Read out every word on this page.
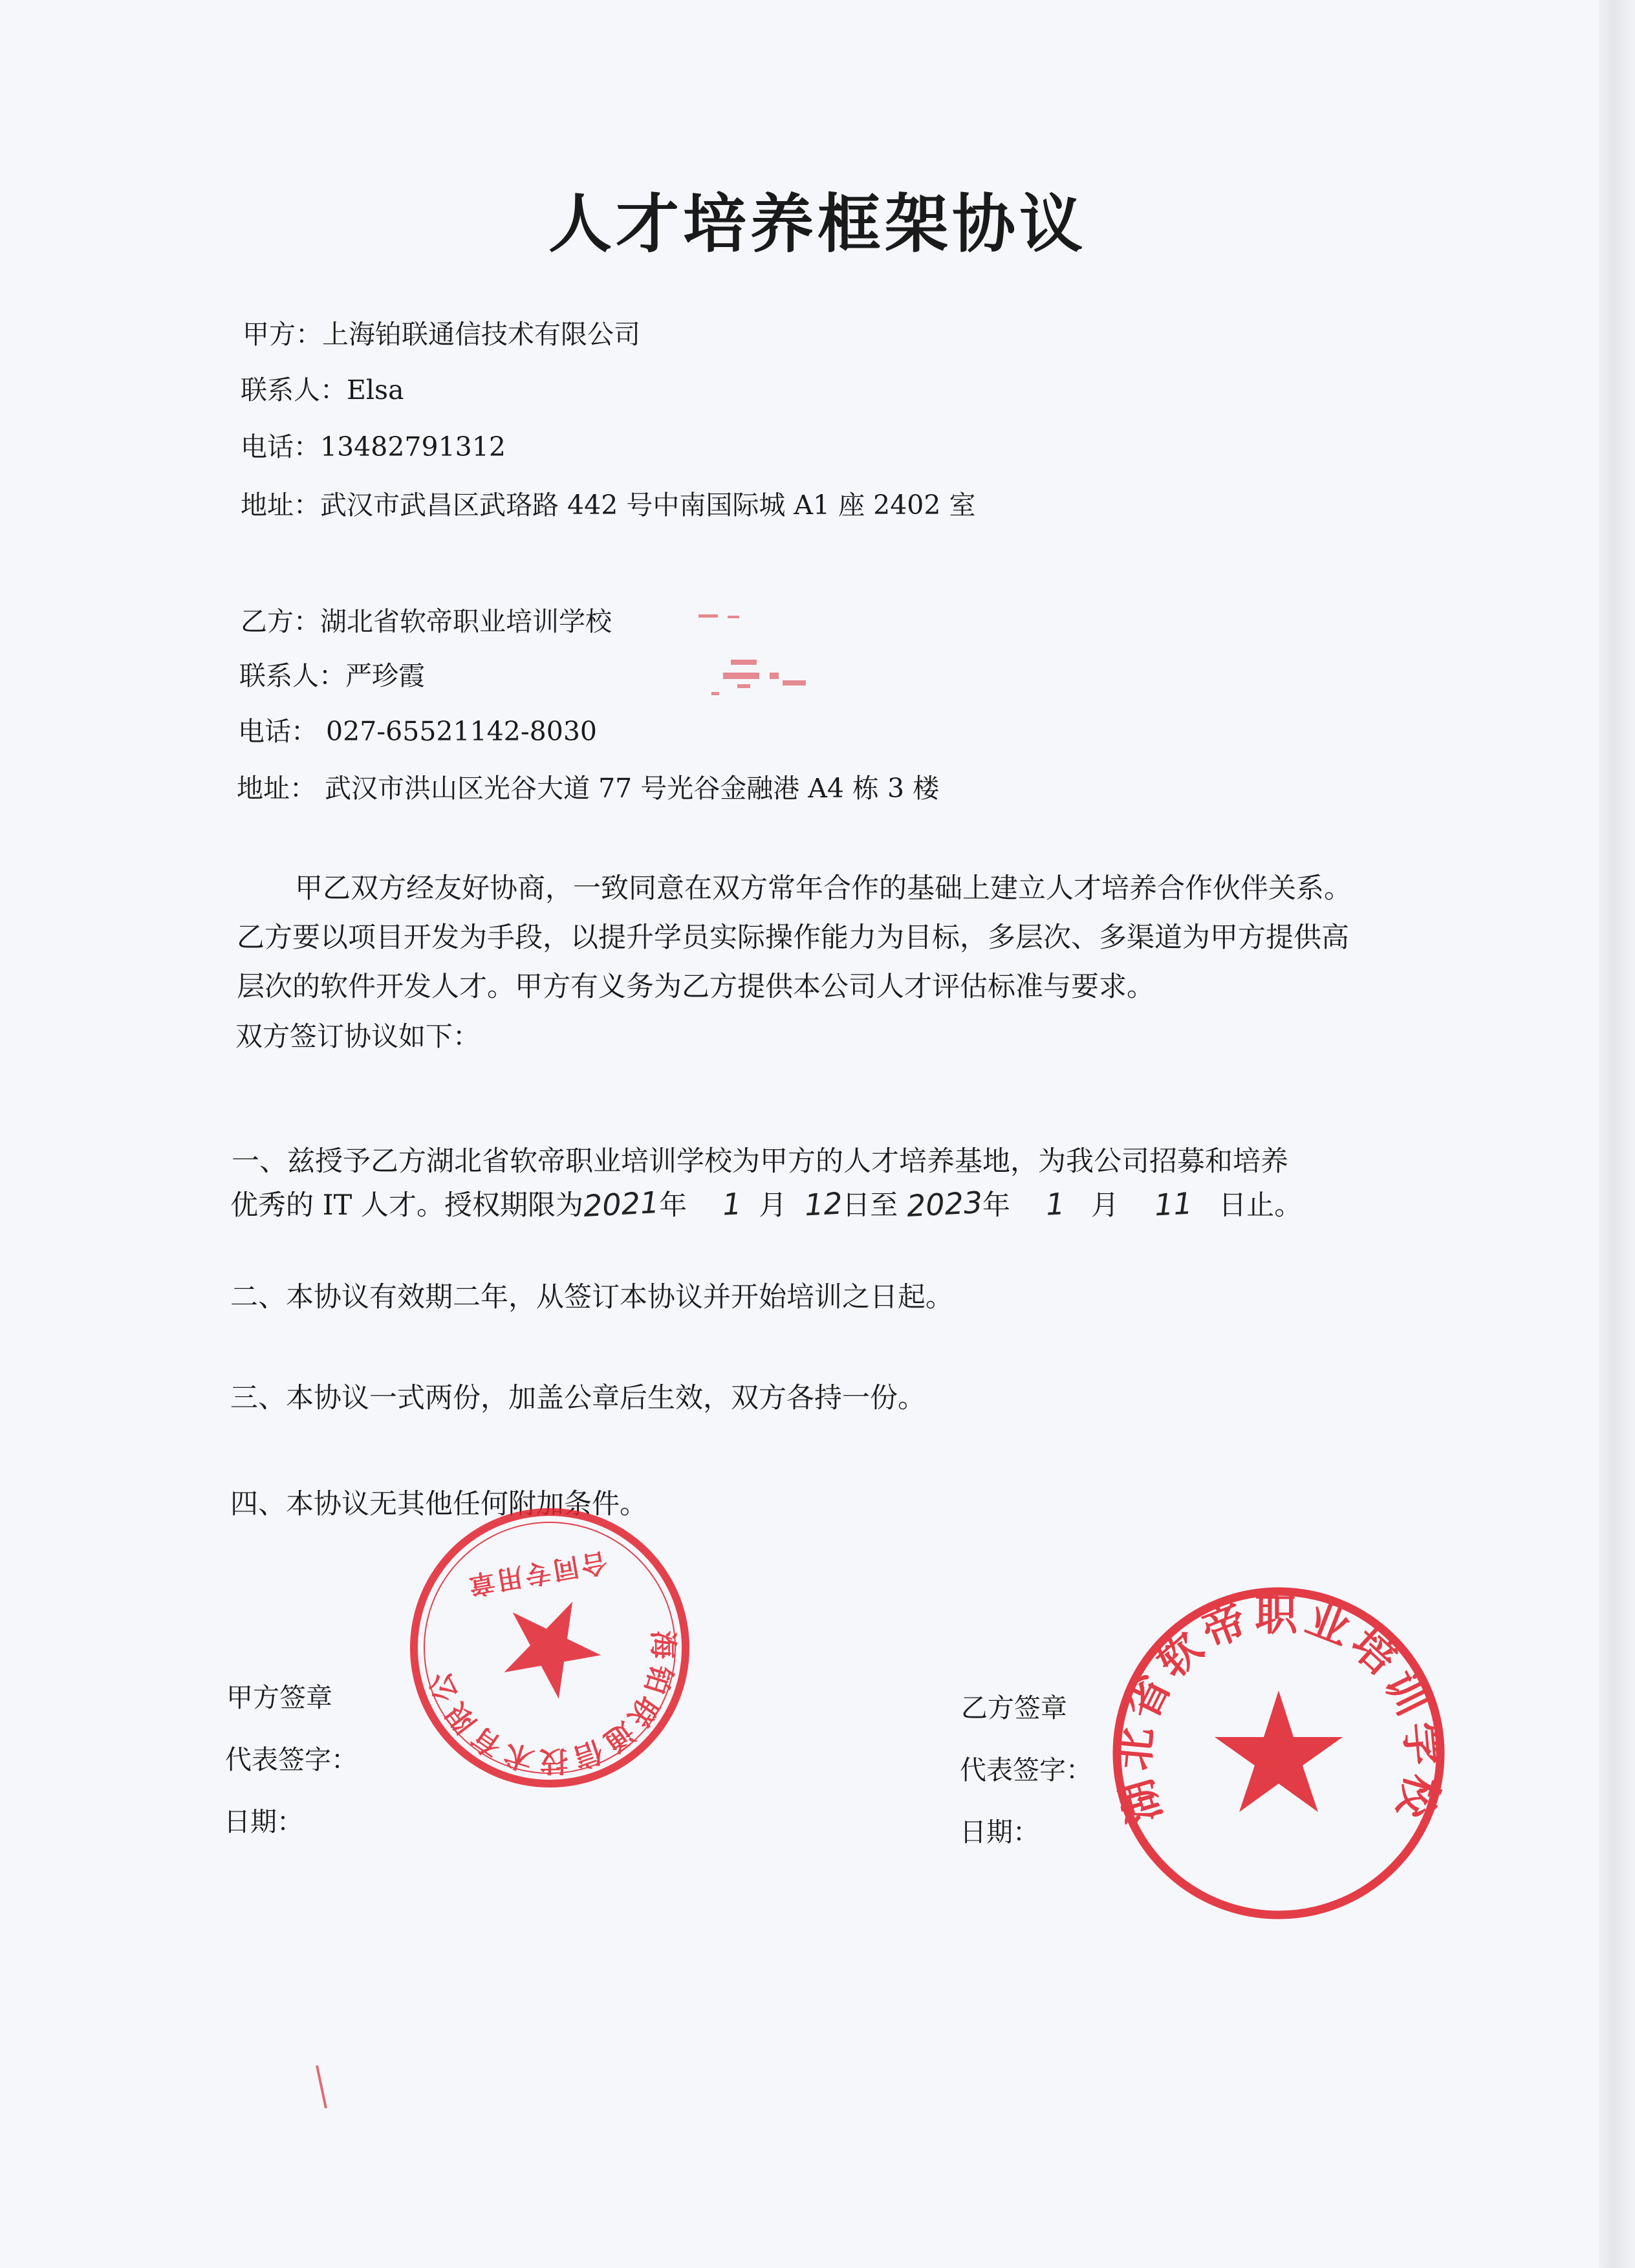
人才培养框架协议
甲方：上海铂联通信技术有限公司
联系人：Elsa
电话：13482791312
地址：武汉市武昌区武珞路 442 号中南国际城 A1 座 2402 室
乙方：湖北省软帝职业培训学校
联系人：严珍霞
电话： 027-65521142-8030
地址： 武汉市洪山区光谷大道 77 号光谷金融港 A4 栋 3 楼
甲乙双方经友好协商，一致同意在双方常年合作的基础上建立人才培养合作伙伴关系。乙方要以项目开发为手段，以提升学员实际操作能力为目标，多层次、多渠道为甲方提供高层次的软件开发人才。甲方有义务为乙方提供本公司人才评估标准与要求。
双方签订协议如下：
一、兹授予乙方湖北省软帝职业培训学校为甲方的人才培养基地，为我公司招募和培养
优秀的 IT 人才。授权期限为2021年 1 月 12日至 2023年 1 月 11 日止。
二、本协议有效期二年，从签订本协议并开始培训之日起。
三、本协议一式两份，加盖公章后生效，双方各持一份。
四、本协议无其他任何附加条件。
甲方签章
代表签字：
日期：
乙方签章
代表签字：
日期：
上海铂联通信技术有限公司
合同专用章
湖北省软帝职业培训学校
